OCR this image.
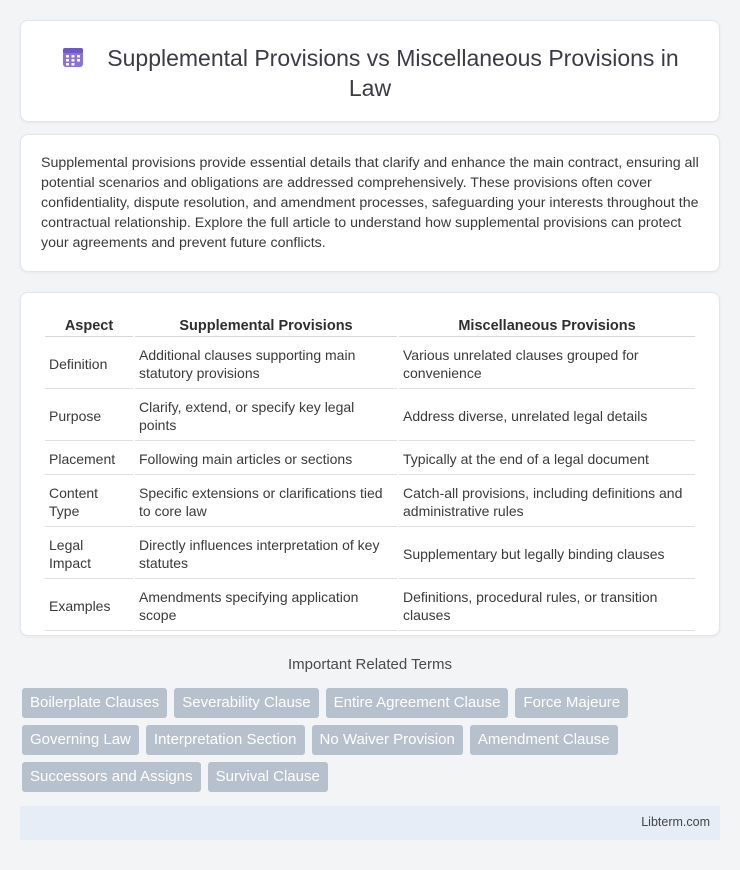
Supplemental Provisions vs Miscellaneous Provisions in Law

Supplemental provisions provide essential details that clarify and enhance the main contract, ensuring all potential scenarios and obligations are addressed comprehensively. These provisions often cover confidentiality, dispute resolution, and amendment processes, safeguarding your interests throughout the contractual relationship. Explore the full article to understand how supplemental provisions can protect your agreements and prevent future conflicts.

Aspect	Supplemental Provisions	Miscellaneous Provisions
Definition	Additional clauses supporting main statutory provisions	Various unrelated clauses grouped for convenience
Purpose	Clarify, extend, or specify key legal points	Address diverse, unrelated legal details
Placement	Following main articles or sections	Typically at the end of a legal document
Content Type	Specific extensions or clarifications tied to core law	Catch-all provisions, including definitions and administrative rules
Legal Impact	Directly influences interpretation of key statutes	Supplementary but legally binding clauses
Examples	Amendments specifying application scope	Definitions, procedural rules, or transition clauses
Important Related Terms
Boilerplate Clauses	Severability Clause	Entire Agreement Clause	Force Majeure
Governing Law	Interpretation Section	No Waiver Provision	Amendment Clause
Successors and Assigns	Survival Clause
Libterm.com
